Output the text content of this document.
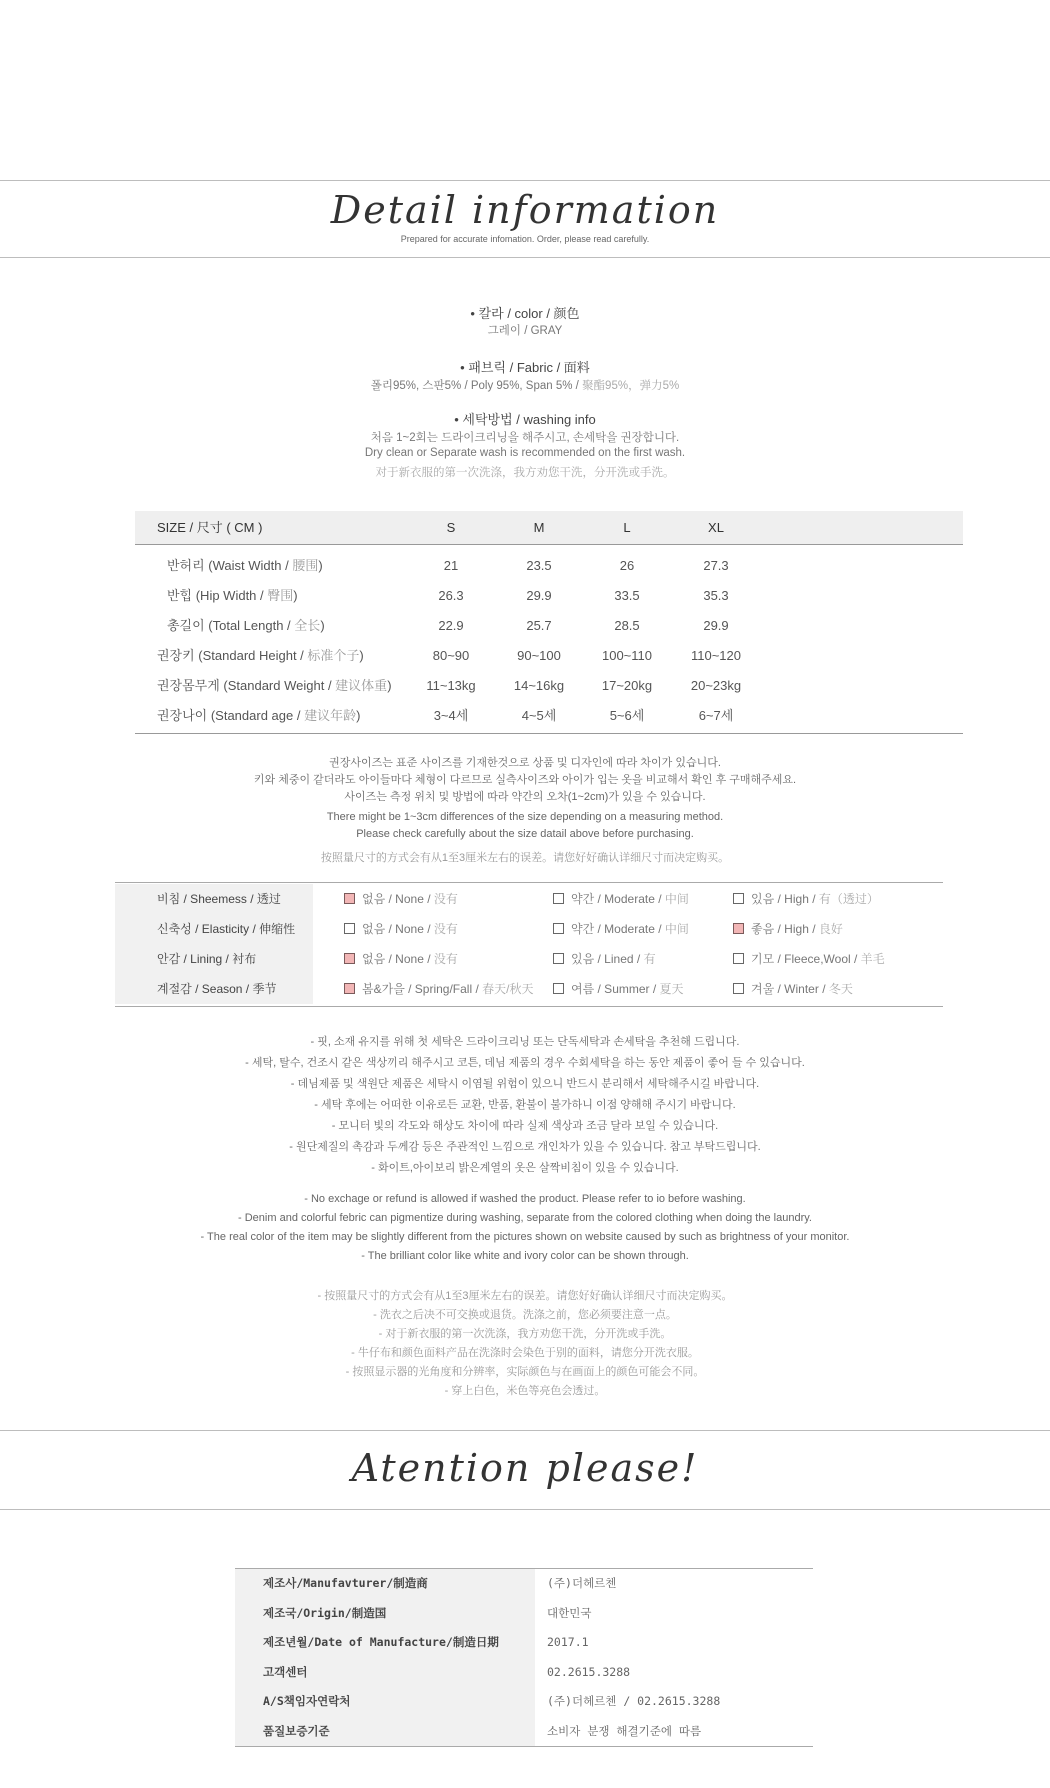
Detail information
Prepared for accurate infomation. Order, please read carefully.
• 칼라 / color / 颜色
그레이 / GRAY
• 패브릭 / Fabric / 面料
폴리95%, 스판5% / Poly 95%, Span 5% / 聚酯95%，弹力5%
• 세탁방법 / washing info
처음 1~2회는 드라이크리닝을 해주시고, 손세탁을 권장합니다.
Dry clean or Separate wash is recommended on the first wash.
对于新衣服的第一次洗涤，我方劝您干洗，分开洗或手洗。
SIZE / 尺寸 ( CM )	S	M	L	XL
반허리 (Waist Width / 腰围)	21	23.5	26	27.3
반힙 (Hip Width / 臀围)	26.3	29.9	33.5	35.3
총길이 (Total Length / 全长)	22.9	25.7	28.5	29.9
권장키 (Standard Height / 标准个子)	80~90	90~100	100~110	110~120
권장몸무게 (Standard Weight / 建议体重)	11~13kg	14~16kg	17~20kg	20~23kg
권장나이 (Standard age / 建议年龄)	3~4세	4~5세	5~6세	6~7세
권장사이즈는 표준 사이즈를 기재한것으로 상품 및 디자인에 따라 차이가 있습니다.
키와 체중이 같더라도 아이들마다 체형이 다르므로 실측사이즈와 아이가 입는 옷을 비교해서 확인 후 구매해주세요.
사이즈는 측정 위치 및 방법에 따라 약간의 오차(1~2cm)가 있을 수 있습니다.
There might be 1~3cm differences of the size depending on a measuring method.
Please check carefully about the size datail above before purchasing.
按照量尺寸的方式会有从1至3厘米左右的误差。请您好好确认详细尺寸而决定购买。
비침 / Sheemess / 透过	없음 / None / 没有	약간 / Moderate / 中间	있음 / High / 有（透过）
신축성 / Elasticity / 伸缩性	없음 / None / 没有	약간 / Moderate / 中间	좋음 / High / 良好
안감 / Lining / 衬布	없음 / None / 没有	있음 / Lined / 有	기모 / Fleece,Wool / 羊毛
계절감 / Season / 季节	봄&가을 / Spring/Fall / 春天/秋天	여름 / Summer / 夏天	겨울 / Winter / 冬天
- 핏, 소재 유지를 위해 첫 세탁은 드라이크리닝 또는 단독세탁과 손세탁을 추천해 드립니다.
- 세탁, 탈수, 건조시 같은 색상끼리 해주시고 코튼, 데님 제품의 경우 수회세탁을 하는 동안 제품이 좋어 들 수 있습니다.
- 데님제품 및 색원단 제품은 세탁시 이염될 위험이 있으니 반드시 분리해서 세탁해주시길 바랍니다.
- 세탁 후에는 어떠한 이유로든 교환, 반품, 환불이 불가하니 이점 양해해 주시기 바랍니다.
- 모니터 빛의 각도와 해상도 차이에 따라 실제 색상과 조금 달라 보일 수 있습니다.
- 원단제질의 촉감과 두께감 등은 주관적인 느낌으로 개인차가 있을 수 있습니다. 참고 부탁드립니다.
- 화이트,아이보리 밝은계열의 옷은 살짝비침이 있을 수 있습니다.
- No exchage or refund is allowed if washed the product. Please refer to io before washing.
- Denim and colorful febric can pigmentize during washing, separate from the colored clothing when doing the laundry.
- The real color of the item may be slightly different from the pictures shown on website caused by such as brightness of your monitor.
- The brilliant color like white and ivory color can be shown through.
- 按照量尺寸的方式会有从1至3厘米左右的误差。请您好好确认详细尺寸而决定购买。
- 洗衣之后决不可交换或退货。洗涤之前，您必须要注意一点。
- 对于新衣服的第一次洗涤，我方劝您干洗，分开洗或手洗。
- 牛仔布和颜色面料产品在洗涤时会染色于别的面料，请您分开洗衣服。
- 按照显示器的光角度和分辨率，实际颜色与在画面上的颜色可能会不同。
- 穿上白色，米色等亮色会透过。
Atention please!
제조사/Manufavturer/制造商	(주)더헤르첸
제조국/Origin/制造国	대한민국
제조년월/Date of Manufacture/制造日期	2017.1
고객센터	02.2615.3288
A/S책임자연락처	(주)더헤르첸 / 02.2615.3288
품질보증기준	소비자 분쟁 해결기준에 따름
